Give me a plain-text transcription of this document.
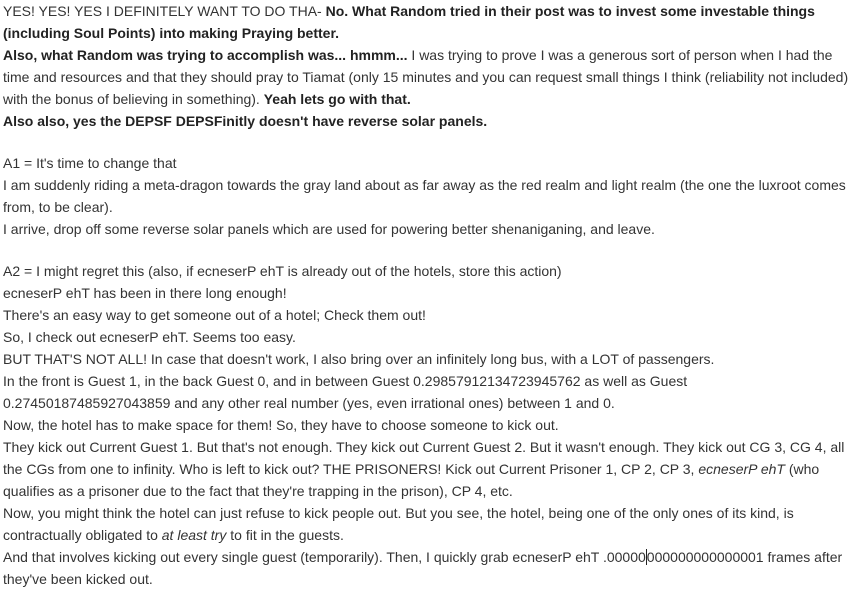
YES! YES! YES I DEFINITELY WANT TO DO THA- No. What Random tried in their post was to invest some investable things (including Soul Points) into making Praying better.

Also, what Random was trying to accomplish was... hmmm... I was trying to prove I was a generous sort of person when I had the time and resources and that they should pray to Tiamat (only 15 minutes and you can request small things I think (reliability not included) with the bonus of believing in something). Yeah lets go with that.

Also also, yes the DEPSF DEPSFinitly doesn't have reverse solar panels.

A1 = It's time to change that

I am suddenly riding a meta-dragon towards the gray land about as far away as the red realm and light realm (the one the luxroot comes from, to be clear).

I arrive, drop off some reverse solar panels which are used for powering better shenaniganing, and leave.

A2 = I might regret this (also, if ecneserP ehT is already out of the hotels, store this action)

ecneserP ehT has been in there long enough!

There's an easy way to get someone out of a hotel; Check them out!

So, I check out ecneserP ehT. Seems too easy.

BUT THAT'S NOT ALL! In case that doesn't work, I also bring over an infinitely long bus, with a LOT of passengers.

In the front is Guest 1, in the back Guest 0, and in between Guest 0.29857912134723945762 as well as Guest 0.27450187485927043859 and any other real number (yes, even irrational ones) between 1 and 0.

Now, the hotel has to make space for them! So, they have to choose someone to kick out.

They kick out Current Guest 1. But that's not enough. They kick out Current Guest 2. But it wasn't enough. They kick out CG 3, CG 4, all the CGs from one to infinity. Who is left to kick out? THE PRISONERS! Kick out Current Prisoner 1, CP 2, CP 3, ecneserP ehT (who qualifies as a prisoner due to the fact that they're trapping in the prison), CP 4, etc.

Now, you might think the hotel can just refuse to kick people out. But you see, the hotel, being one of the only ones of its kind, is contractually obligated to at least try to fit in the guests.

And that involves kicking out every single guest (temporarily). Then, I quickly grab ecneserP ehT .00000000000000000001 frames after they've been kicked out.
